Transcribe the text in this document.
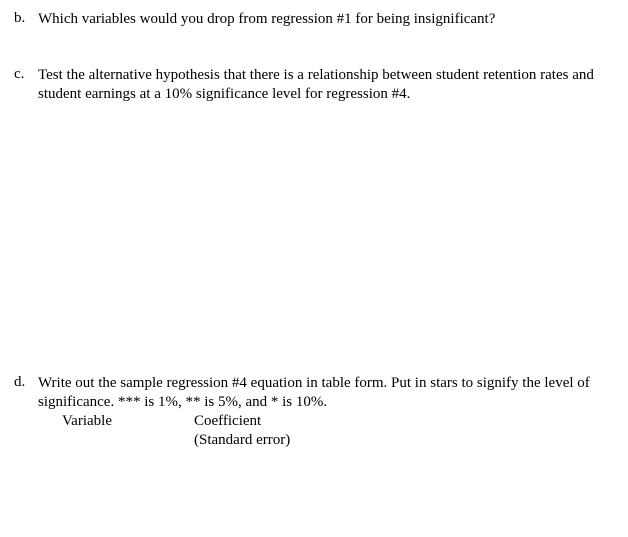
b. Which variables would you drop from regression #1 for being insignificant?
c. Test the alternative hypothesis that there is a relationship between student retention rates and
student earnings at a 10% significance level for regression #4.
d. Write out the sample regression #4 equation in table form. Put in stars to signify the level of
significance. *** is 1%, ** is 5%, and * is 10%.
Variable	Coefficient
(Standard error)
